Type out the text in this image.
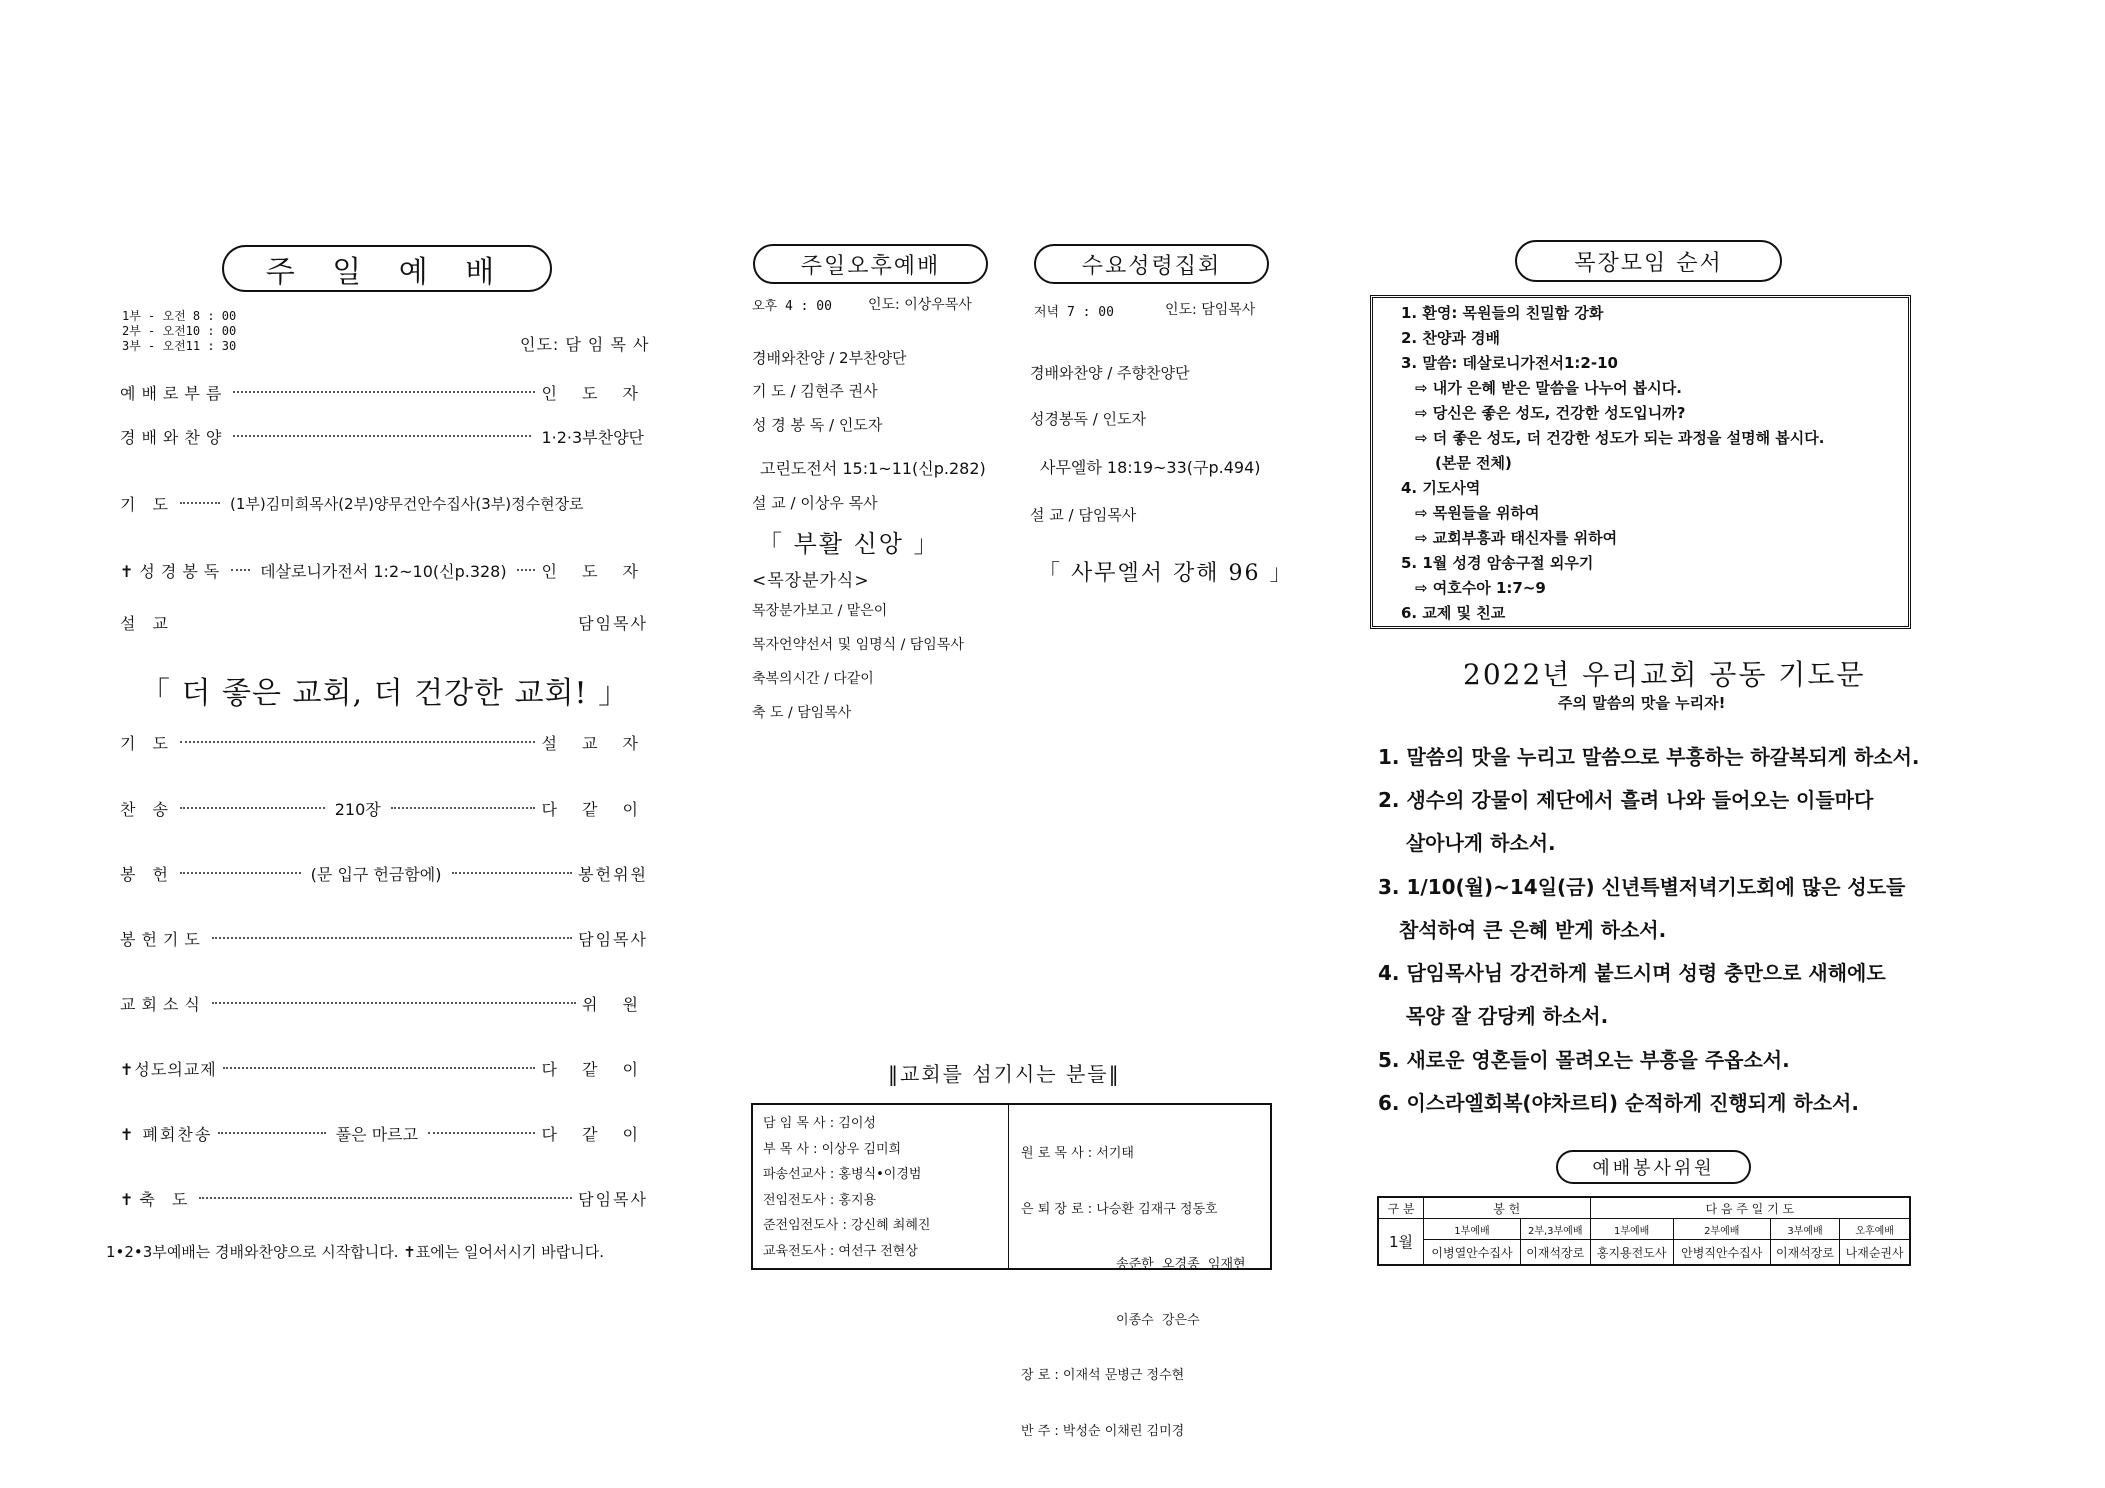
주 일 예 배
1부 - 오전 8 : 00
2부 - 오전10 : 00
3부 - 오전11 : 30	인도: 담 임 목 사
예배로부름	인 도 자
경배와찬양	1·2·3부찬양단
기 도	(1부)김미희목사(2부)양무건안수집사(3부)정수현장로
✝성경봉독 데살로니가전서 1:2~10(신p.328) 인 도 자
설 교	담임목사
「 더 좋은 교회, 더 건강한 교회! 」
기 도	설 교 자
찬 송	210장	다 같 이
봉 헌	(문 입구 헌금함에)	봉헌위원
봉헌기도	담임목사
교회소식	위 원
✝성도의교제	다 같 이
✝ 폐회찬송	풀은 마르고	다 같 이
✝축 도	담임목사
1•2•3부예배는 경배와찬양으로 시작합니다. ✝표에는 일어서시기 바랍니다.
주일오후예배
오후 4 : 00	인도: 이상우목사
경배와찬양 / 2부찬양단
기 도 / 김현주 권사
성 경 봉 독 / 인도자
고린도전서 15:1~11(신p.282)
설 교 / 이상우 목사
「 부활 신앙 」
<목장분가식>
목장분가보고 / 맡은이
목자언약선서 및 임명식 / 담임목사
축복의시간 / 다같이
축 도 / 담임목사
수요성령집회
저녁 7 : 00	인도: 담임목사
경배와찬양 / 주향찬양단
성경봉독 / 인도자
사무엘하 18:19~33(구p.494)
설 교 / 담임목사
「 사무엘서 강해 96 」
‖교회를 섬기시는 분들‖
담 임 목 사 : 김이성
부 목 사 : 이상우 김미희
파송선교사 : 홍병식•이경범
전임전도사 : 홍지용
준전임전도사 : 강신혜 최혜진
교육전도사 : 여선구 전현상

원 로 목 사 : 서기태

은 퇴 장 로 : 나승환 김재구 정동호

송준한  오경종  임재현

이종수  강은수

장 로 : 이재석 문병근 정수현

반 주 : 박성순 이채린 김미경

목장모임 순서
1. 환영: 목원들의 친밀함 강화
2. 찬양과 경배
3. 말씀: 데살로니가전서1:2-10
⇨ 내가 은혜 받은 말씀을 나누어 봅시다.
⇨ 당신은 좋은 성도, 건강한 성도입니까?
⇨ 더 좋은 성도, 더 건강한 성도가 되는 과정을 설명해 봅시다.
(본문 전체)
4. 기도사역
⇨ 목원들을 위하여
⇨ 교회부흥과 태신자를 위하여
5. 1월 성경 암송구절 외우기
⇨ 여호수아 1:7~9
6. 교제 및 친교
2022년 우리교회 공동 기도문
주의 말씀의 맛을 누리자!
1. 말씀의 맛을 누리고 말씀으로 부흥하는 하갈복되게 하소서.
2. 생수의 강물이 제단에서 흘려 나와 들어오는 이들마다
살아나게 하소서.
3. 1/10(월)~14일(금) 신년특별저녁기도회에 많은 성도들
참석하여 큰 은혜 받게 하소서.
4. 담임목사님 강건하게 붙드시며 성령 충만으로 새해에도
목양 잘 감당케 하소서.
5. 새로운 영혼들이 몰려오는 부흥을 주옵소서.
6. 이스라엘회복(야차르티) 순적하게 진행되게 하소서.
예배봉사위원
구 분	봉 헌		다 음 주 일 기 도			
1월	1부예배	2부,3부예배	1부예배	2부예배	3부예배	오후예배
	이병열안수집사	이재석장로	홍지용전도사	안병직안수집사	이재석장로	나재순권사
